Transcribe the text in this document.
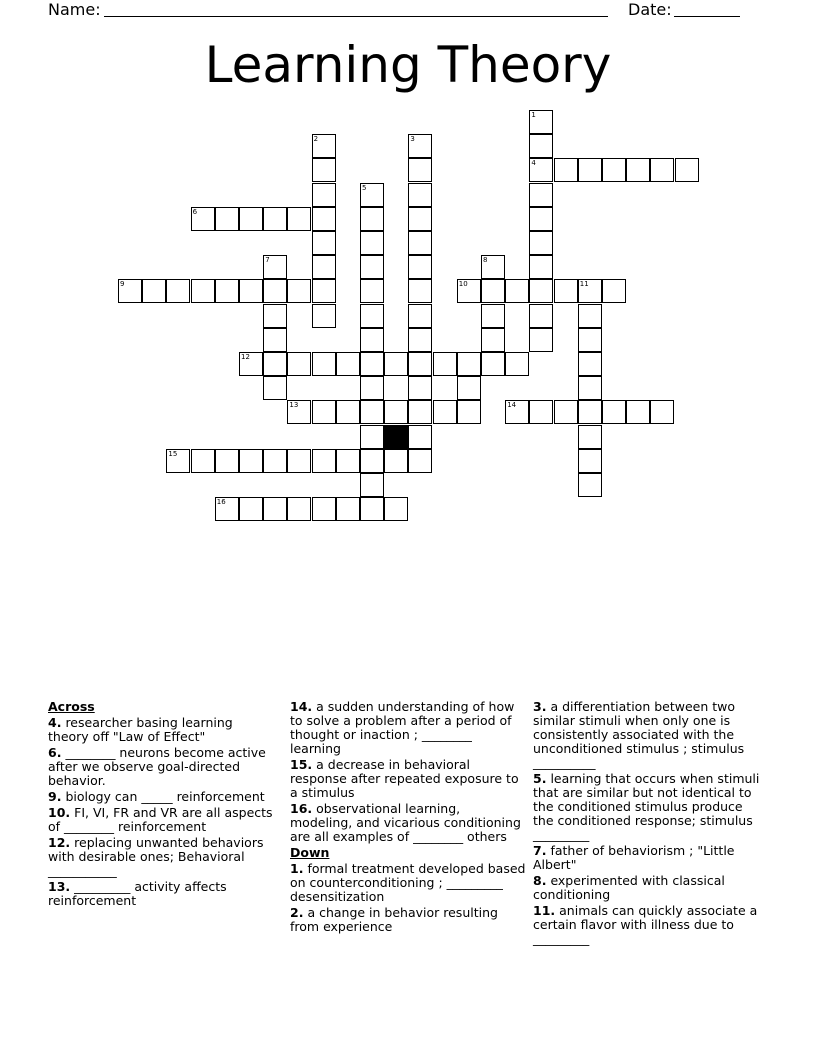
Name:	Date:
Learning Theory
1
4
2	3
5
6
7	8
9	10	11
12
13	14
15
16
Across
4. researcher basing learning theory off "Law of Effect"
6. ________ neurons become active after we observe goal-directed behavior.
9. biology can _____ reinforcement
10. FI, VI, FR and VR are all aspects of ________ reinforcement
12. replacing unwanted behaviors with desirable ones; Behavioral ___________
13. _________ activity affects reinforcement
14. a sudden understanding of how to solve a problem after a period of thought or inaction ; ________ learning
15. a decrease in behavioral response after repeated exposure to a stimulus
16. observational learning, modeling, and vicarious conditioning are all examples of ________ others
Down
1. formal treatment developed based on counterconditioning ; _________ desensitization
2. a change in behavior resulting from experience
3. a differentiation between two similar stimuli when only one is consistently associated with the unconditioned stimulus ; stimulus __________
5. learning that occurs when stimuli that are similar but not identical to the conditioned stimulus produce the conditioned response; stimulus _________
7. father of behaviorism ; "Little Albert"
8. experimented with classical conditioning
11. animals can quickly associate a certain flavor with illness due to _________
